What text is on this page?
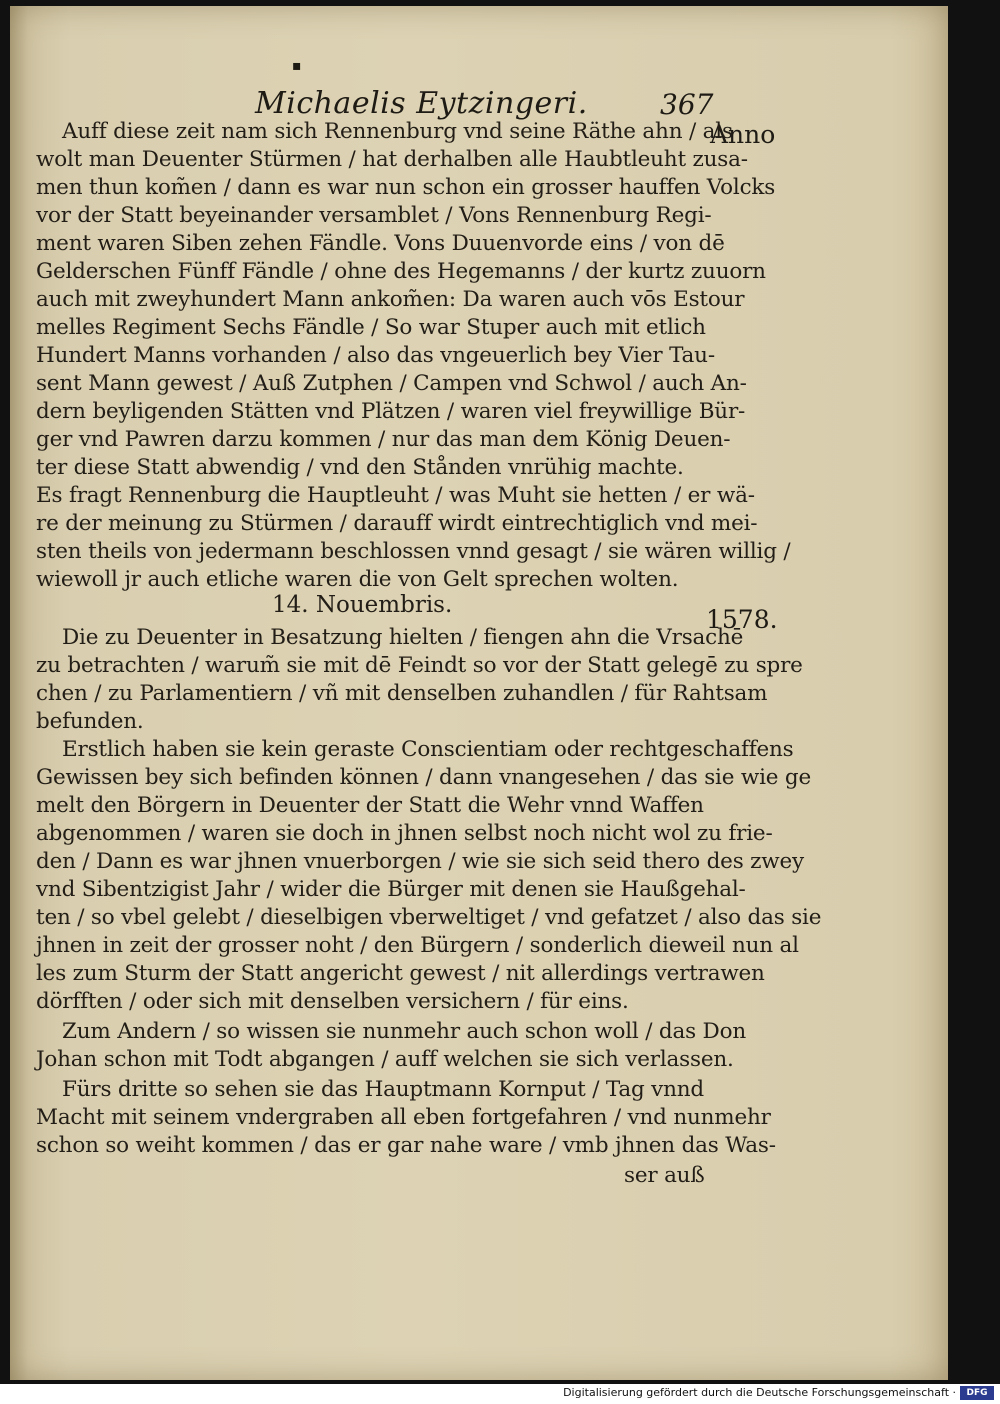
▪
Michaelis Eytzingeri.	367
Anno
1578.
Auff diese zeit nam sich Rennenburg vnd seine Räthe ahn / als
wolt man Deuenter Stürmen / hat derhalben alle Haubtleuht zusa-
men thun kom̃en / dann es war nun schon ein grosser hauffen Volcks
vor der Statt beyeinander versamblet / Vons Rennenburg Regi-
ment waren Siben zehen Fändle. Vons Duuenvorde eins / von dē
Gelderschen Fünff Fändle / ohne des Hegemanns / der kurtz zuuorn
auch mit zweyhundert Mann ankom̃en: Da waren auch vōs Estour
melles Regiment Sechs Fändle / So war Stuper auch mit etlich
Hundert Manns vorhanden / also das vngeuerlich bey Vier Tau-
sent Mann gewest / Auß Zutphen / Campen vnd Schwol / auch An-
dern beyligenden Stätten vnd Plätzen / waren viel freywillige Bür-
ger vnd Pawren darzu kommen / nur das man dem König Deuen-
ter diese Statt abwendig / vnd den Stånden vnrühig machte.
Es fragt Rennenburg die Hauptleuht / was Muht sie hetten / er wä-
re der meinung zu Stürmen / darauff wirdt eintrechtiglich vnd mei-
sten theils von jedermann beschlossen vnnd gesagt / sie wären willig /
wiewoll jr auch etliche waren die von Gelt sprechen wolten.
14. Nouembris.
Die zu Deuenter in Besatzung hielten / fiengen ahn die Vrsachē
zu betrachten / warum̃ sie mit dē Feindt so vor der Statt gelegē zu spre
chen / zu Parlamentiern / vñ mit denselben zuhandlen / für Rahtsam
befunden.
Erstlich haben sie kein geraste Conscientiam oder rechtgeschaffens
Gewissen bey sich befinden können / dann vnangesehen / das sie wie ge
melt den Börgern in Deuenter der Statt die Wehr vnnd Waffen
abgenommen / waren sie doch in jhnen selbst noch nicht wol zu frie-
den / Dann es war jhnen vnuerborgen / wie sie sich seid thero des zwey
vnd Sibentzigist Jahr / wider die Bürger mit denen sie Haußgehal-
ten / so vbel gelebt / dieselbigen vberweltiget / vnd gefatzet / also das sie
jhnen in zeit der grosser noht / den Bürgern / sonderlich dieweil nun al
les zum Sturm der Statt angericht gewest / nit allerdings vertrawen
dörfften / oder sich mit denselben versichern / für eins.
Zum Andern / so wissen sie nunmehr auch schon woll / das Don
Johan schon mit Todt abgangen / auff welchen sie sich verlassen.
Fürs dritte so sehen sie das Hauptmann Kornput / Tag vnnd
Macht mit seinem vndergraben all eben fortgefahren / vnd nunmehr
schon so weiht kommen / das er gar nahe ware / vmb jhnen das Was-
ser auß
Digitalisierung gefördert durch die Deutsche Forschungsgemeinschaft ·	DFG
